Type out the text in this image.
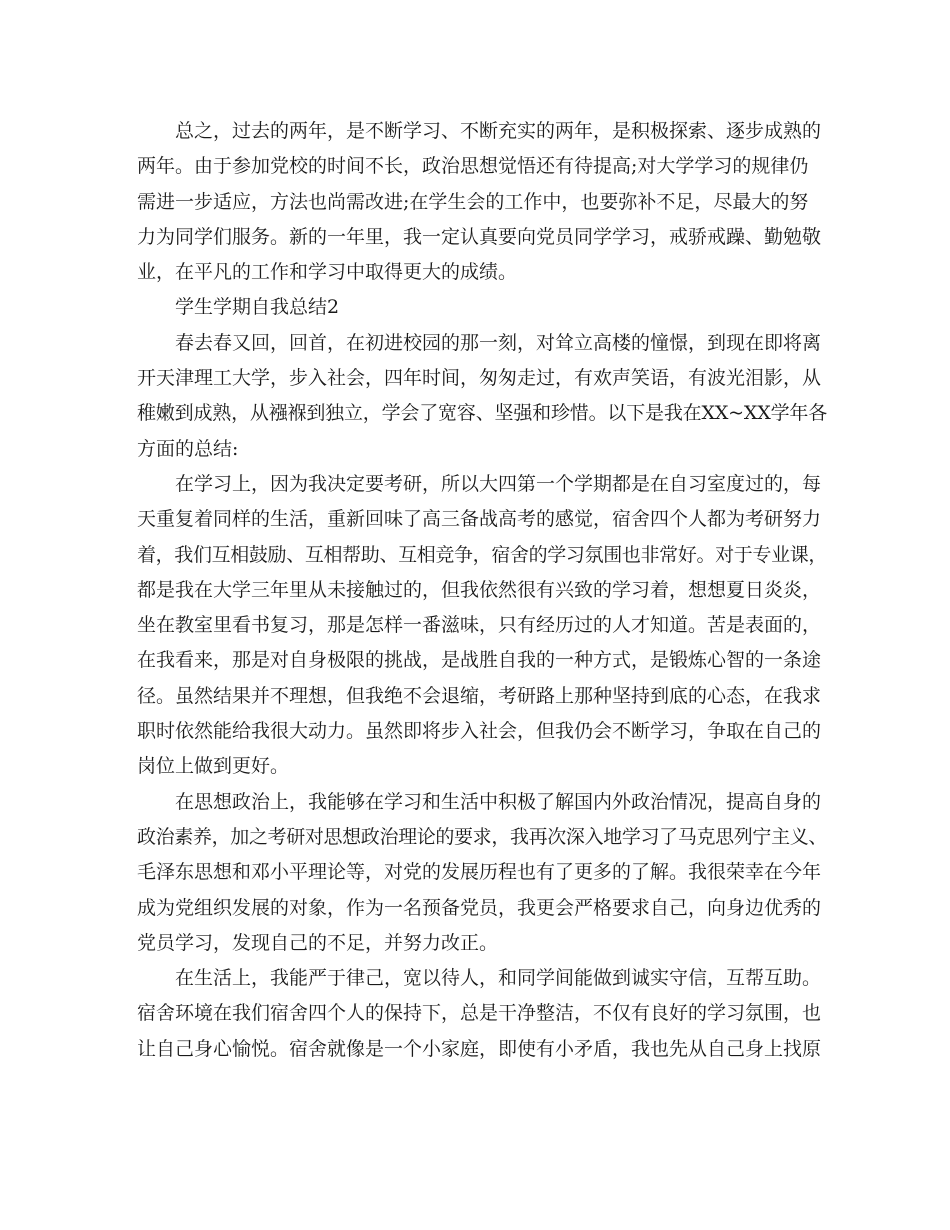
总之，过去的两年，是不断学习、不断充实的两年，是积极探索、逐步成熟的
两年。由于参加党校的时间不长，政治思想觉悟还有待提高;对大学学习的规律仍
需进一步适应，方法也尚需改进;在学生会的工作中，也要弥补不足，尽最大的努
力为同学们服务。新的一年里，我一定认真要向党员同学学习，戒骄戒躁、勤勉敬
业，在平凡的工作和学习中取得更大的成绩。
学生学期自我总结2
春去春又回，回首，在初进校园的那一刻，对耸立高楼的憧憬，到现在即将离
开天津理工大学，步入社会，四年时间，匆匆走过，有欢声笑语，有波光泪影，从
稚嫩到成熟，从襁褓到独立，学会了宽容、坚强和珍惜。以下是我在XX~XX学年各
方面的总结:
在学习上，因为我决定要考研，所以大四第一个学期都是在自习室度过的，每
天重复着同样的生活，重新回味了高三备战高考的感觉，宿舍四个人都为考研努力
着，我们互相鼓励、互相帮助、互相竞争，宿舍的学习氛围也非常好。对于专业课，
都是我在大学三年里从未接触过的，但我依然很有兴致的学习着，想想夏日炎炎，
坐在教室里看书复习，那是怎样一番滋味，只有经历过的人才知道。苦是表面的，
在我看来，那是对自身极限的挑战，是战胜自我的一种方式，是锻炼心智的一条途
径。虽然结果并不理想，但我绝不会退缩，考研路上那种坚持到底的心态，在我求
职时依然能给我很大动力。虽然即将步入社会，但我仍会不断学习，争取在自己的
岗位上做到更好。
在思想政治上，我能够在学习和生活中积极了解国内外政治情况，提高自身的
政治素养，加之考研对思想政治理论的要求，我再次深入地学习了马克思列宁主义、
毛泽东思想和邓小平理论等，对党的发展历程也有了更多的了解。我很荣幸在今年
成为党组织发展的对象，作为一名预备党员，我更会严格要求自己，向身边优秀的
党员学习，发现自己的不足，并努力改正。
在生活上，我能严于律己，宽以待人，和同学间能做到诚实守信，互帮互助。
宿舍环境在我们宿舍四个人的保持下，总是干净整洁，不仅有良好的学习氛围，也
让自己身心愉悦。宿舍就像是一个小家庭，即使有小矛盾，我也先从自己身上找原
